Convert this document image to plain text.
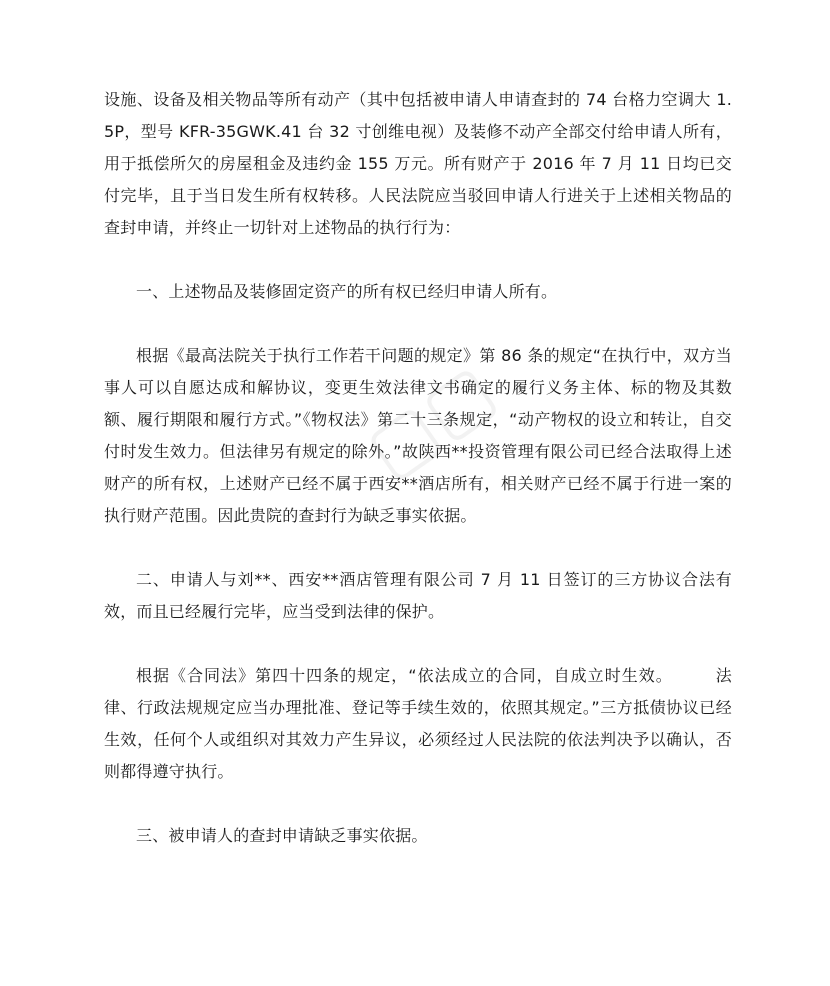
▢▢

设施、设备及相关物品等所有动产（其中包括被申请人申请查封的 74 台格力空调大 1.5P，型号 KFR-35GWK.41 台 32 寸创维电视）及装修不动产全部交付给申请人所有，用于抵偿所欠的房屋租金及违约金 155 万元。所有财产于 2016 年 7 月 11 日均已交付完毕，且于当日发生所有权转移。人民法院应当驳回申请人行进关于上述相关物品的查封申请，并终止一切针对上述物品的执行行为：

一、上述物品及装修固定资产的所有权已经归申请人所有。

根据《最高法院关于执行工作若干问题的规定》第 86 条的规定“在执行中，双方当事人可以自愿达成和解协议，变更生效法律文书确定的履行义务主体、标的物及其数额、履行期限和履行方式。”《物权法》第二十三条规定，“动产物权的设立和转让，自交付时发生效力。但法律另有规定的除外。”故陕西**投资管理有限公司已经合法取得上述财产的所有权，上述财产已经不属于西安**酒店所有，相关财产已经不属于行进一案的执行财产范围。因此贵院的查封行为缺乏事实依据。

二、申请人与刘**、西安**酒店管理有限公司 7 月 11 日签订的三方协议合法有效，而且已经履行完毕，应当受到法律的保护。

根据《合同法》第四十四条的规定，“依法成立的合同，自成立时生效。　　　法律、行政法规规定应当办理批准、登记等手续生效的，依照其规定。”三方抵债协议已经生效，任何个人或组织对其效力产生异议，必须经过人民法院的依法判决予以确认，否则都得遵守执行。

三、被申请人的查封申请缺乏事实依据。
